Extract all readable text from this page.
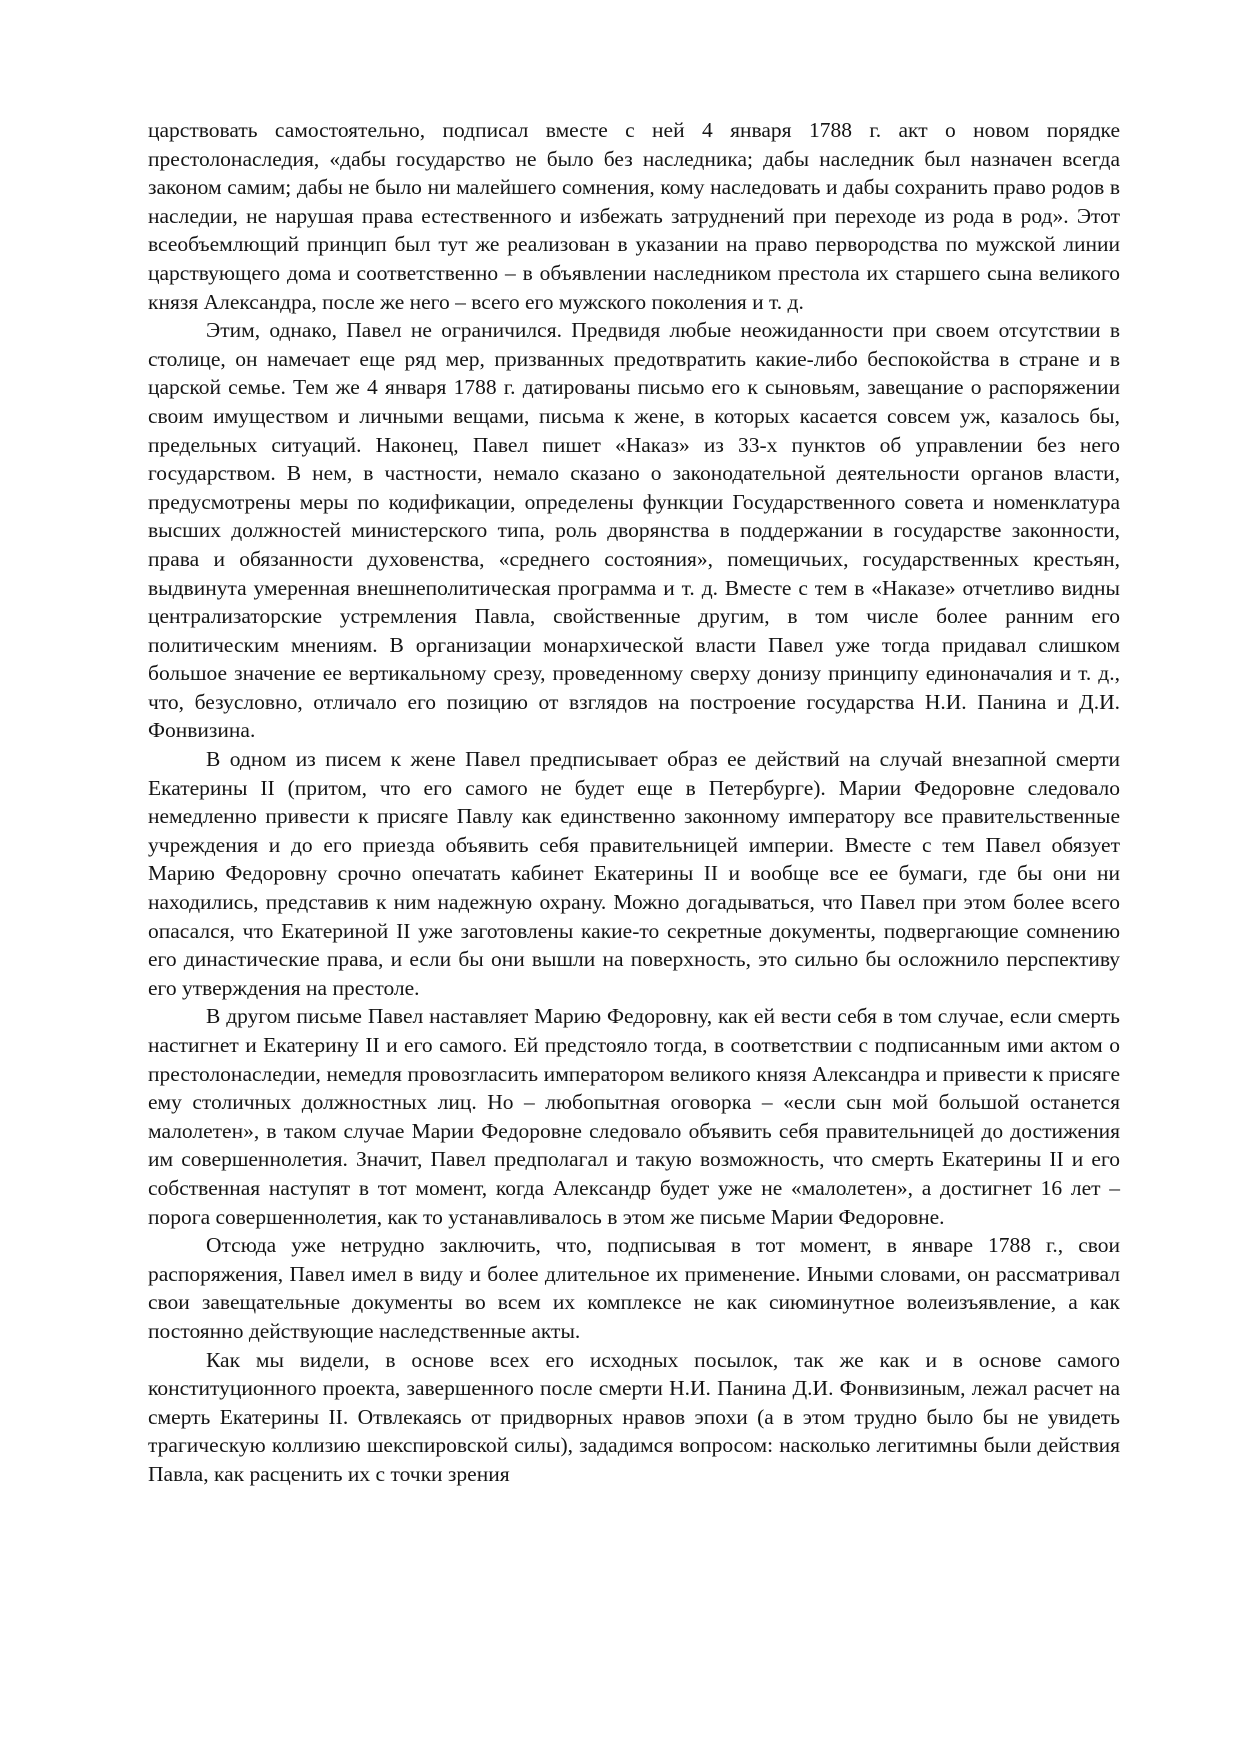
царствовать самостоятельно, подписал вместе с ней 4 января 1788 г. акт о новом порядке престолонаследия, «дабы государство не было без наследника; дабы наследник был назначен всегда законом самим; дабы не было ни малейшего сомнения, кому наследовать и дабы сохранить право родов в наследии, не нарушая права естественного и избежать затруднений при переходе из рода в род». Этот всеобъемлющий принцип был тут же реализован в указании на право первородства по мужской линии царствующего дома и соответственно – в объявлении наследником престола их старшего сына великого князя Александра, после же него – всего его мужского поколения и т. д.

Этим, однако, Павел не ограничился. Предвидя любые неожиданности при своем отсутствии в столице, он намечает еще ряд мер, призванных предотвратить какие-либо беспокойства в стране и в царской семье. Тем же 4 января 1788 г. датированы письмо его к сыновьям, завещание о распоряжении своим имуществом и личными вещами, письма к жене, в которых касается совсем уж, казалось бы, предельных ситуаций. Наконец, Павел пишет «Наказ» из 33-х пунктов об управлении без него государством. В нем, в частности, немало сказано о законодательной деятельности органов власти, предусмотрены меры по кодификации, определены функции Государственного совета и номенклатура высших должностей министерского типа, роль дворянства в поддержании в государстве законности, права и обязанности духовенства, «среднего состояния», помещичьих, государственных крестьян, выдвинута умеренная внешнеполитическая программа и т. д. Вместе с тем в «Наказе» отчетливо видны централизаторские устремления Павла, свойственные другим, в том числе более ранним его политическим мнениям. В организации монархической власти Павел уже тогда придавал слишком большое значение ее вертикальному срезу, проведенному сверху донизу принципу единоначалия и т. д., что, безусловно, отличало его позицию от взглядов на построение государства Н.И. Панина и Д.И. Фонвизина.

В одном из писем к жене Павел предписывает образ ее действий на случай внезапной смерти Екатерины II (притом, что его самого не будет еще в Петербурге). Марии Федоровне следовало немедленно привести к присяге Павлу как единственно законному императору все правительственные учреждения и до его приезда объявить себя правительницей империи. Вместе с тем Павел обязует Марию Федоровну срочно опечатать кабинет Екатерины II и вообще все ее бумаги, где бы они ни находились, представив к ним надежную охрану. Можно догадываться, что Павел при этом более всего опасался, что Екатериной II уже заготовлены какие-то секретные документы, подвергающие сомнению его династические права, и если бы они вышли на поверхность, это сильно бы осложнило перспективу его утверждения на престоле.

В другом письме Павел наставляет Марию Федоровну, как ей вести себя в том случае, если смерть настигнет и Екатерину II и его самого. Ей предстояло тогда, в соответствии с подписанным ими актом о престолонаследии, немедля провозгласить императором великого князя Александра и привести к присяге ему столичных должностных лиц. Но – любопытная оговорка – «если сын мой большой останется малолетен», в таком случае Марии Федоровне следовало объявить себя правительницей до достижения им совершеннолетия. Значит, Павел предполагал и такую возможность, что смерть Екатерины II и его собственная наступят в тот момент, когда Александр будет уже не «малолетен», а достигнет 16 лет – порога совершеннолетия, как то устанавливалось в этом же письме Марии Федоровне.

Отсюда уже нетрудно заключить, что, подписывая в тот момент, в январе 1788 г., свои распоряжения, Павел имел в виду и более длительное их применение. Иными словами, он рассматривал свои завещательные документы во всем их комплексе не как сиюминутное волеизъявление, а как постоянно действующие наследственные акты.

Как мы видели, в основе всех его исходных посылок, так же как и в основе самого конституционного проекта, завершенного после смерти Н.И. Панина Д.И. Фонвизиным, лежал расчет на смерть Екатерины II. Отвлекаясь от придворных нравов эпохи (а в этом трудно было бы не увидеть трагическую коллизию шекспировской силы), зададимся вопросом: насколько легитимны были действия Павла, как расценить их с точки зрения
